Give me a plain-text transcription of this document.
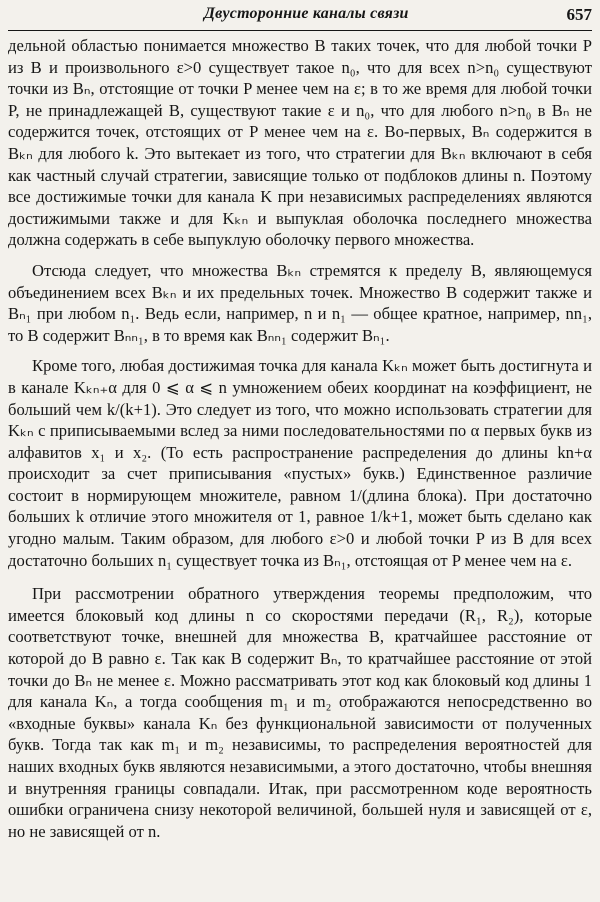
Двусторонние каналы связи	657

дельной областью понимается множество B таких точек, что для любой точки P из B и произвольного ε>0 существует такое n₀, что для всех n>n₀ существуют точки из Bₙ, отстоящие от точки P менее чем на ε; в то же время для любой точки P, не принадлежащей B, существуют такие ε и n₀, что для любого n>n₀ в Bₙ не содержится точек, отстоящих от P менее чем на ε. Во-первых, Bₙ содержится в Bₖₙ для любого k. Это вытекает из того, что стратегии для Bₖₙ включают в себя как частный случай стратегии, зависящие только от подблоков длины n. Поэтому все достижимые точки для канала K при независимых распределениях являются достижимыми также и для Kₖₙ и выпуклая оболочка последнего множества должна содержать в себе выпуклую оболочку первого множества.

Отсюда следует, что множества Bₖₙ стремятся к пределу B, являющемуся объединением всех Bₖₙ и их предельных точек. Множество B содержит также и Bₙ₁ при любом n₁. Ведь если, например, n и n₁ — общее кратное, например, nn₁, то B содержит Bₙₙ₁, в то время как Bₙₙ₁ содержит Bₙ₁.

Кроме того, любая достижимая точка для канала Kₖₙ может быть достигнута и в канале Kₖₙ₊α для 0 ⩽ α ⩽ n умножением обеих координат на коэффициент, не больший чем k/(k+1). Это следует из того, что можно использовать стратегии для Kₖₙ с приписываемыми вслед за ними последовательностями по α первых букв из алфавитов x₁ и x₂. (То есть распространение распределения до длины kn+α происходит за счет приписывания «пустых» букв.) Единственное различие состоит в нормирующем множителе, равном 1/(длина блока). При достаточно больших k отличие этого множителя от 1, равное 1/k+1, может быть сделано как угодно малым. Таким образом, для любого ε>0 и любой точки P из B для всех достаточно больших n₁ существует точка из Bₙ₁, отстоящая от P менее чем на ε.

При рассмотрении обратного утверждения теоремы предположим, что имеется блоковый код длины n со скоростями передачи (R₁, R₂), которые соответствуют точке, внешней для множества B, кратчайшее расстояние от которой до B равно ε. Так как B содержит Bₙ, то кратчайшее расстояние от этой точки до Bₙ не менее ε. Можно рассматривать этот код как блоковый код длины 1 для канала Kₙ, а тогда сообщения m₁ и m₂ отображаются непосредственно во «входные буквы» канала Kₙ без функциональной зависимости от полученных букв. Тогда так как m₁ и m₂ независимы, то распределения вероятностей для наших входных букв являются независимыми, а этого достаточно, чтобы внешняя и внутренняя границы совпадали. Итак, при рассмотренном коде вероятность ошибки ограничена снизу некоторой величиной, большей нуля и зависящей от ε, но не зависящей от n.
